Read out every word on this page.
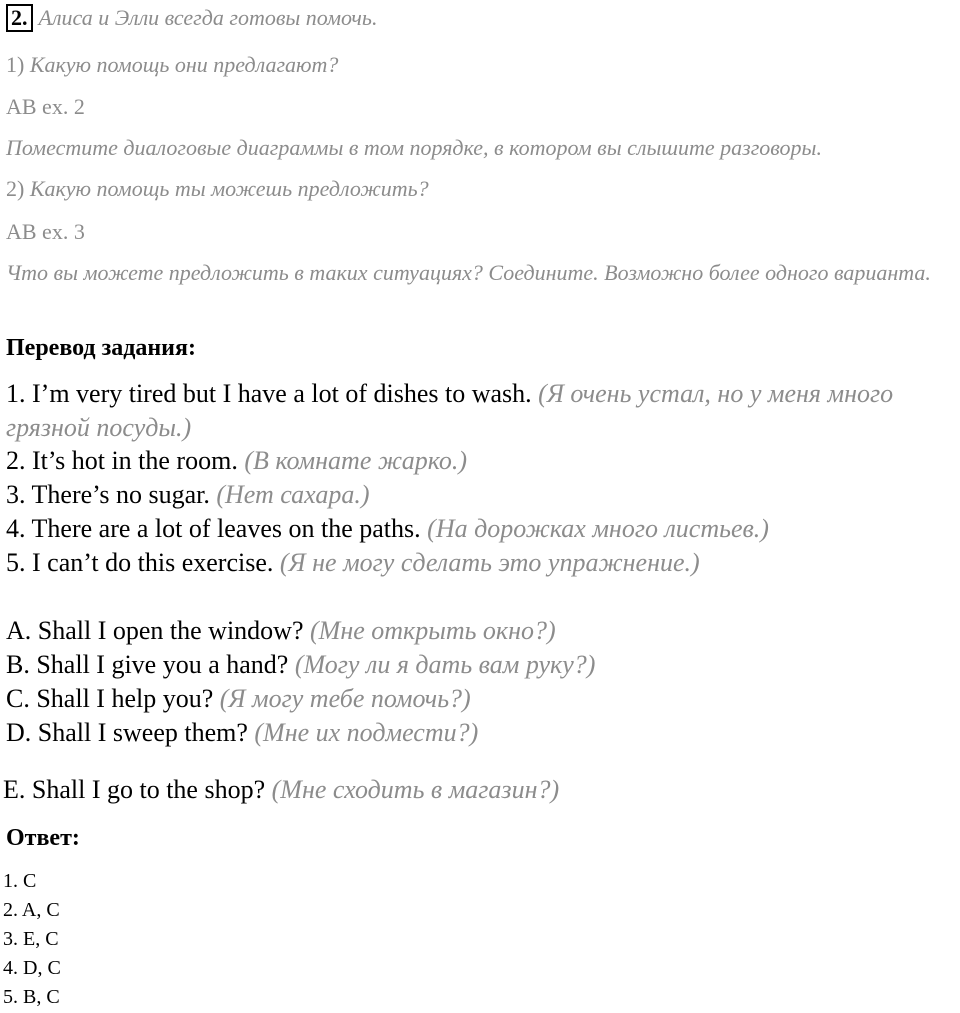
2. Алиса и Элли всегда готовы помочь.
1) Какую помощь они предлагают?
AB ex. 2
Поместите диалоговые диаграммы в том порядке, в котором вы слышите разговоры.
2) Какую помощь ты можешь предложить?
AB ex. 3
Что вы можете предложить в таких ситуациях? Соедините. Возможно более одного варианта.
Перевод задания:
1. I’m very tired but I have a lot of dishes to wash. (Я очень устал, но у меня много грязной посуды.)
2. It’s hot in the room. (В комнате жарко.)
3. There’s no sugar. (Нет сахара.)
4. There are a lot of leaves on the paths. (На дорожках много листьев.)
5. I can’t do this exercise. (Я не могу сделать это упражнение.)
A. Shall I open the window? (Мне открыть окно?)
B. Shall I give you a hand? (Могу ли я дать вам руку?)
C. Shall I help you? (Я могу тебе помочь?)
D. Shall I sweep them? (Мне их подмести?)
E. Shall I go to the shop? (Мне сходить в магазин?)
Ответ:
1. C
2. A, C
3. E, C
4. D, C
5. B, C
